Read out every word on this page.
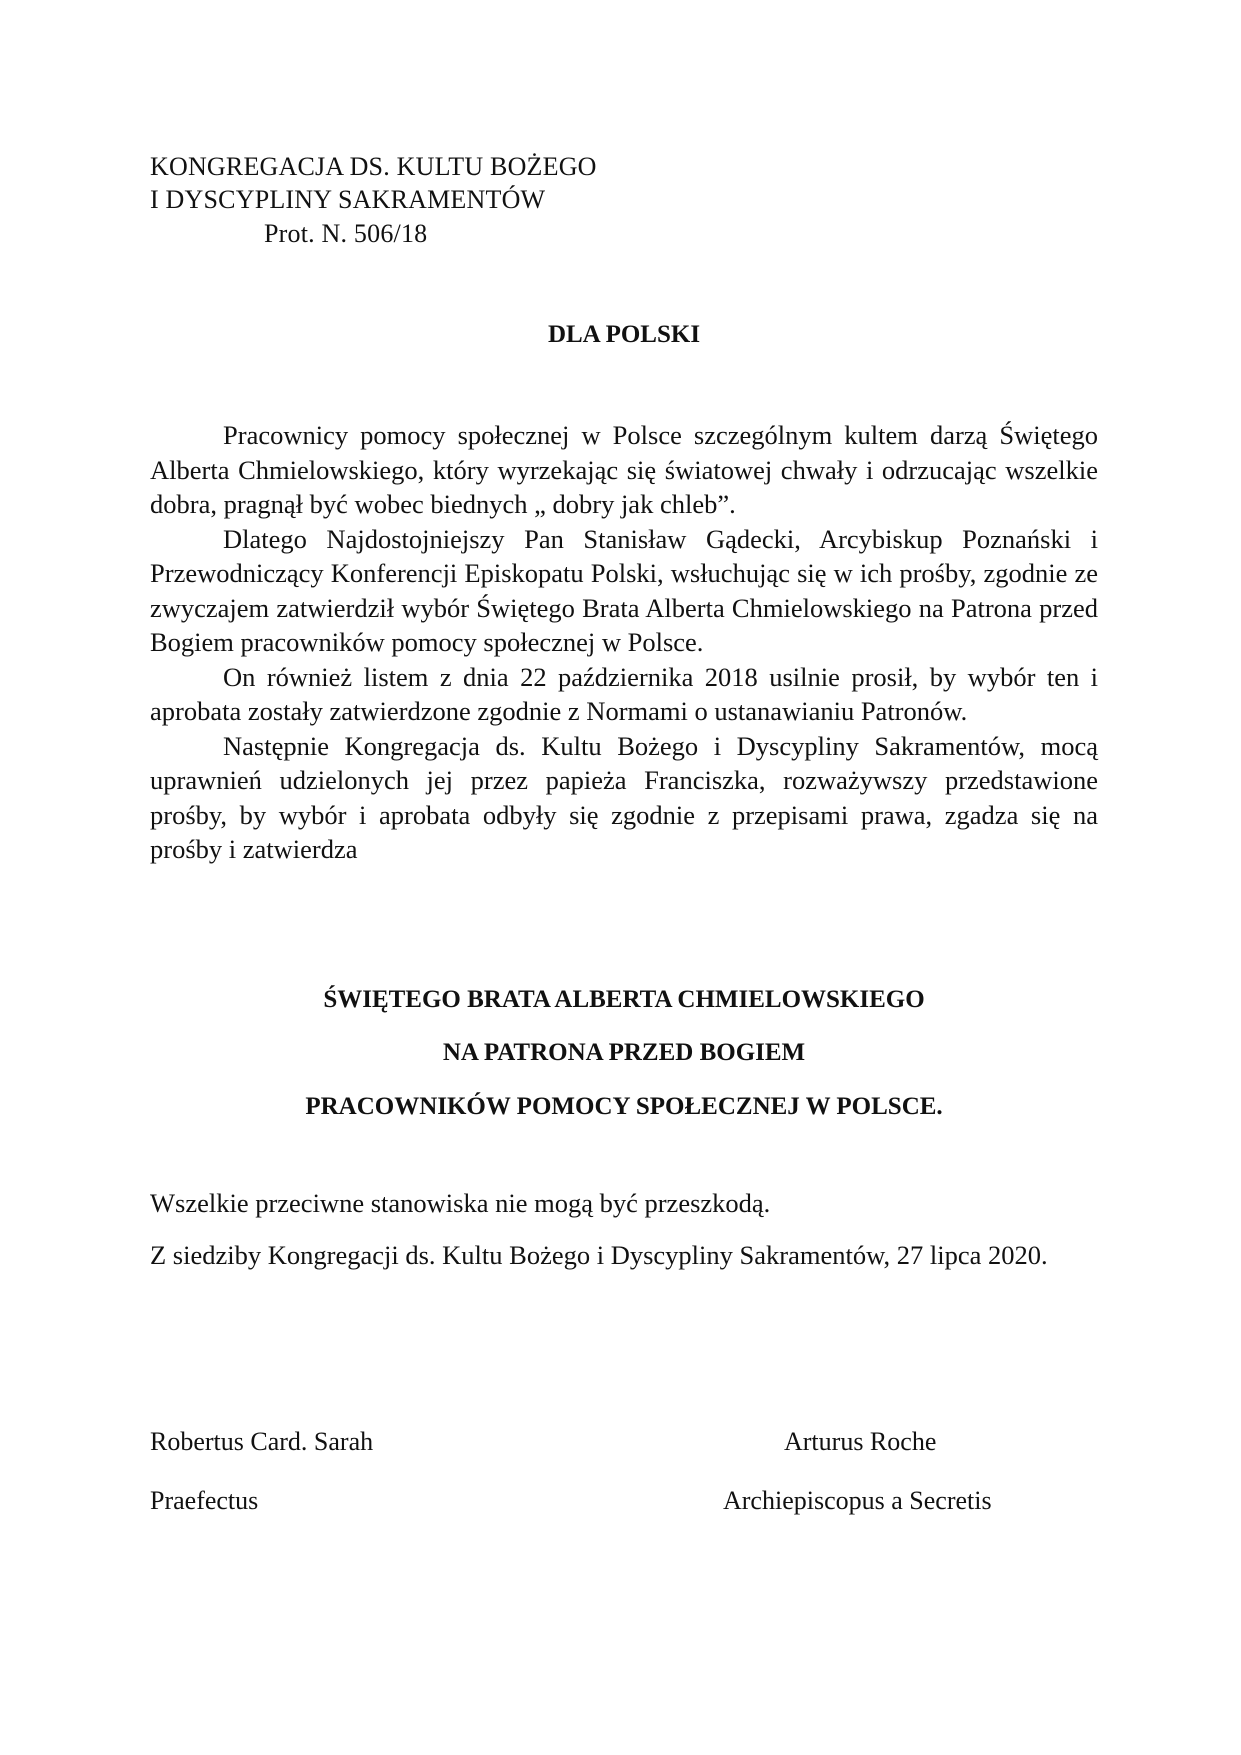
KONGREGACJA DS. KULTU BOŻEGO
I DYSCYPLINY SAKRAMENTÓW
Prot. N. 506/18
DLA POLSKI

Pracownicy pomocy społecznej w Polsce szczególnym kultem darzą Świętego Alberta Chmielowskiego, który wyrzekając się światowej chwały i odrzucając wszelkie dobra, pragnął być wobec biednych „ dobry jak chleb”.

Dlatego Najdostojniejszy Pan Stanisław Gądecki, Arcybiskup Poznański i Przewodniczący Konferencji Episkopatu Polski, wsłuchując się w ich prośby, zgodnie ze zwyczajem zatwierdził wybór Świętego Brata Alberta Chmielowskiego na Patrona przed Bogiem pracowników pomocy społecznej w Polsce.

On również listem z dnia 22 października 2018 usilnie prosił, by wybór ten i aprobata zostały zatwierdzone zgodnie z Normami o ustanawianiu Patronów.

Następnie Kongregacja ds. Kultu Bożego i Dyscypliny Sakramentów, mocą uprawnień udzielonych jej przez papieża Franciszka, rozważywszy przedstawione prośby, by wybór i aprobata odbyły się zgodnie z przepisami prawa, zgadza się na prośby i zatwierdza

ŚWIĘTEGO BRATA ALBERTA CHMIELOWSKIEGO
NA PATRONA PRZED BOGIEM
PRACOWNIKÓW POMOCY SPOŁECZNEJ W POLSCE.

Wszelkie przeciwne stanowiska nie mogą być przeszkodą.

Z siedziby Kongregacji ds. Kultu Bożego i Dyscypliny Sakramentów, 27 lipca 2020.

Robertus Card. Sarah
Praefectus
Arturus Roche
Archiepiscopus a Secretis
